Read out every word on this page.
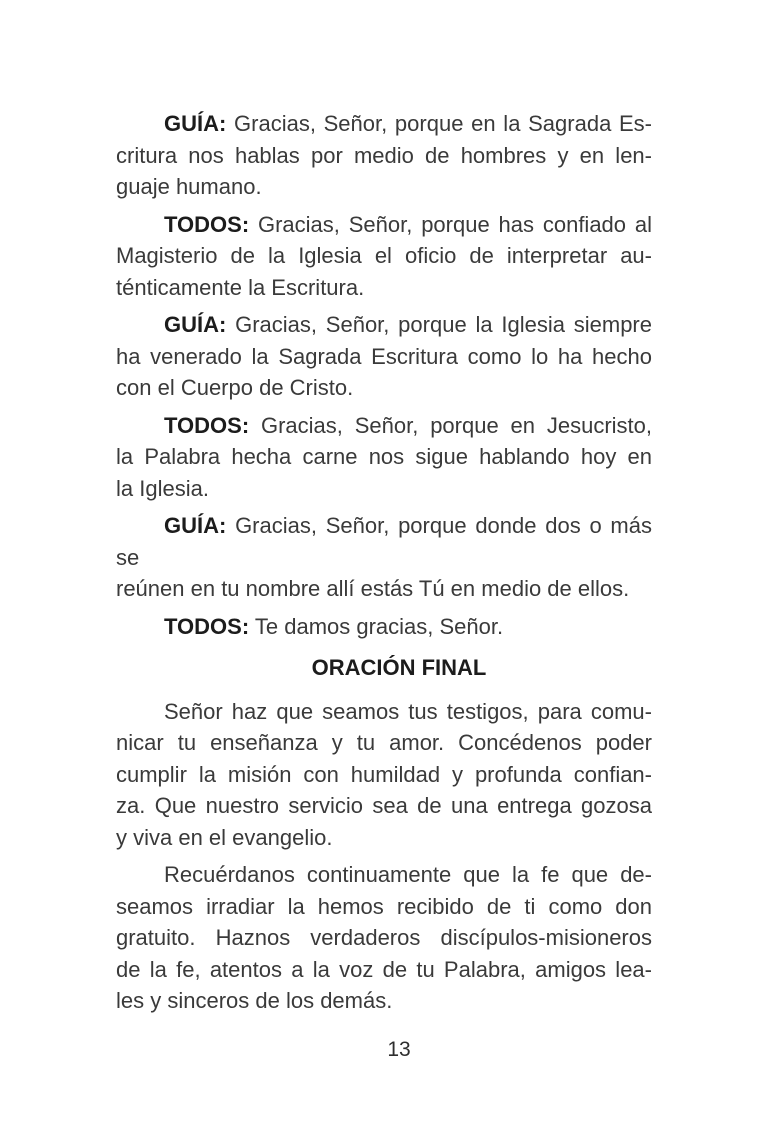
GUÍA: Gracias, Señor, porque en la Sagrada Es-
critura nos hablas por medio de hombres y en len-
guaje humano.
TODOS: Gracias, Señor, porque has confiado al
Magisterio de la Iglesia el oficio de interpretar au-
ténticamente la Escritura.
GUÍA: Gracias, Señor, porque la Iglesia siempre
ha venerado la Sagrada Escritura como lo ha hecho
con el Cuerpo de Cristo.
TODOS: Gracias, Señor, porque en Jesucristo,
la Palabra hecha carne nos sigue hablando hoy en
la Iglesia.
GUÍA: Gracias, Señor, porque donde dos o más se
reúnen en tu nombre allí estás Tú en medio de ellos.
TODOS: Te damos gracias, Señor.
ORACIÓN FINAL
Señor haz que seamos tus testigos, para comu-
nicar tu enseñanza y tu amor. Concédenos poder
cumplir la misión con humildad y profunda confian-
za. Que nuestro servicio sea de una entrega gozosa
y viva en el evangelio.
Recuérdanos continuamente que la fe que de-
seamos irradiar la hemos recibido de ti como don
gratuito. Haznos verdaderos discípulos-misioneros
de la fe, atentos a la voz de tu Palabra, amigos lea-
les y sinceros de los demás.
13
